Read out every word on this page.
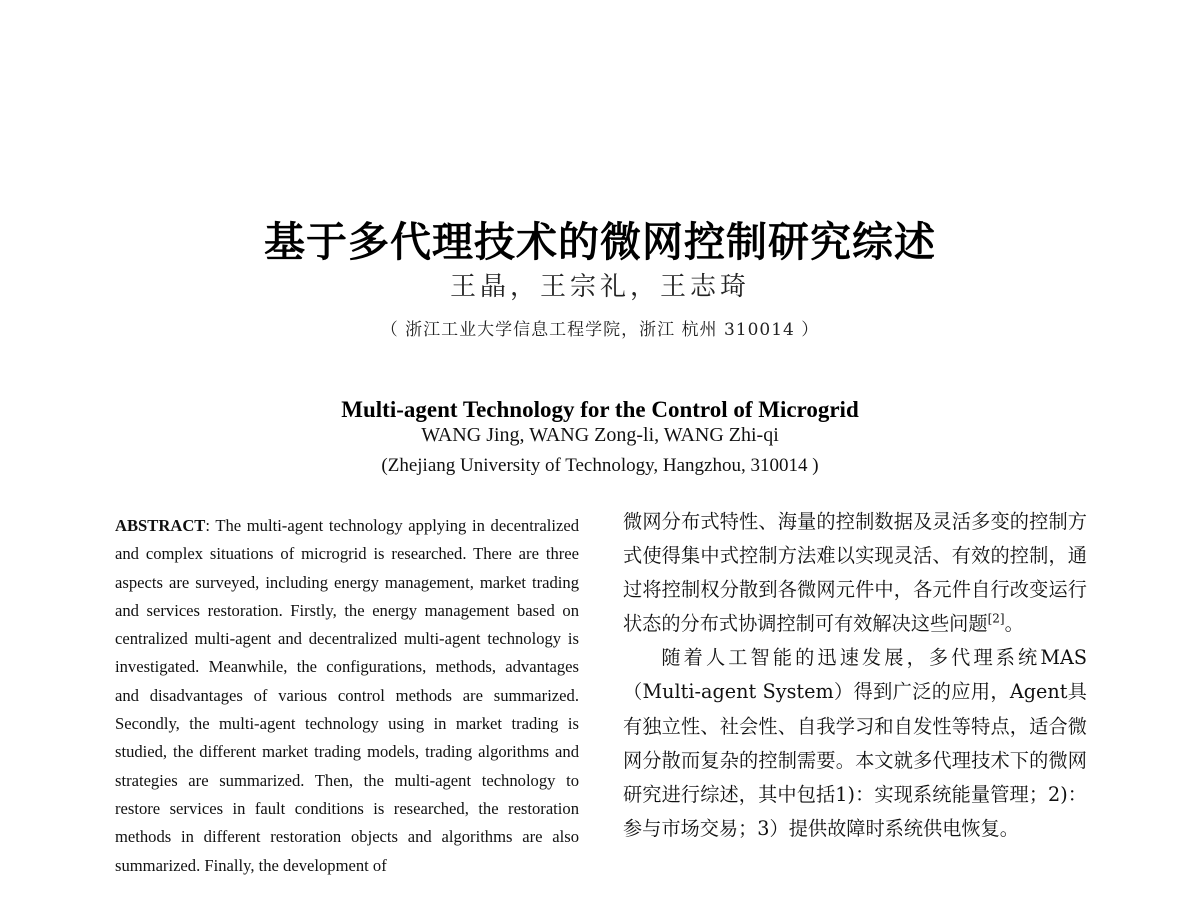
基于多代理技术的微网控制研究综述
王晶，王宗礼，王志琦
（ 浙江工业大学信息工程学院，浙江 杭州 310014 ）
Multi-agent Technology for the Control of Microgrid
WANG Jing, WANG Zong-li, WANG Zhi-qi
(Zhejiang University of Technology, Hangzhou, 310014 )
ABSTRACT: The multi-agent technology applying in decentralized and complex situations of microgrid is researched. There are three aspects are surveyed, including energy management, market trading and services restoration. Firstly, the energy management based on centralized multi-agent and decentralized multi-agent technology is investigated. Meanwhile, the configurations, methods, advantages and disadvantages of various control methods are summarized. Secondly, the multi-agent technology using in market trading is studied, the different market trading models, trading algorithms and strategies are summarized. Then, the multi-agent technology to restore services in fault conditions is researched, the restoration methods in different restoration objects and algorithms are also summarized. Finally, the development of

微网分布式特性、海量的控制数据及灵活多变的控制方式使得集中式控制方法难以实现灵活、有效的控制，通过将控制权分散到各微网元件中，各元件自行改变运行状态的分布式协调控制可有效解决这些问题[2]。

随着人工智能的迅速发展，多代理系统MAS（Multi-agent System）得到广泛的应用，Agent具有独立性、社会性、自我学习和自发性等特点，适合微网分散而复杂的控制需要。本文就多代理技术下的微网研究进行综述，其中包括1)：实现系统能量管理；2)：参与市场交易；3）提供故障时系统供电恢复。
